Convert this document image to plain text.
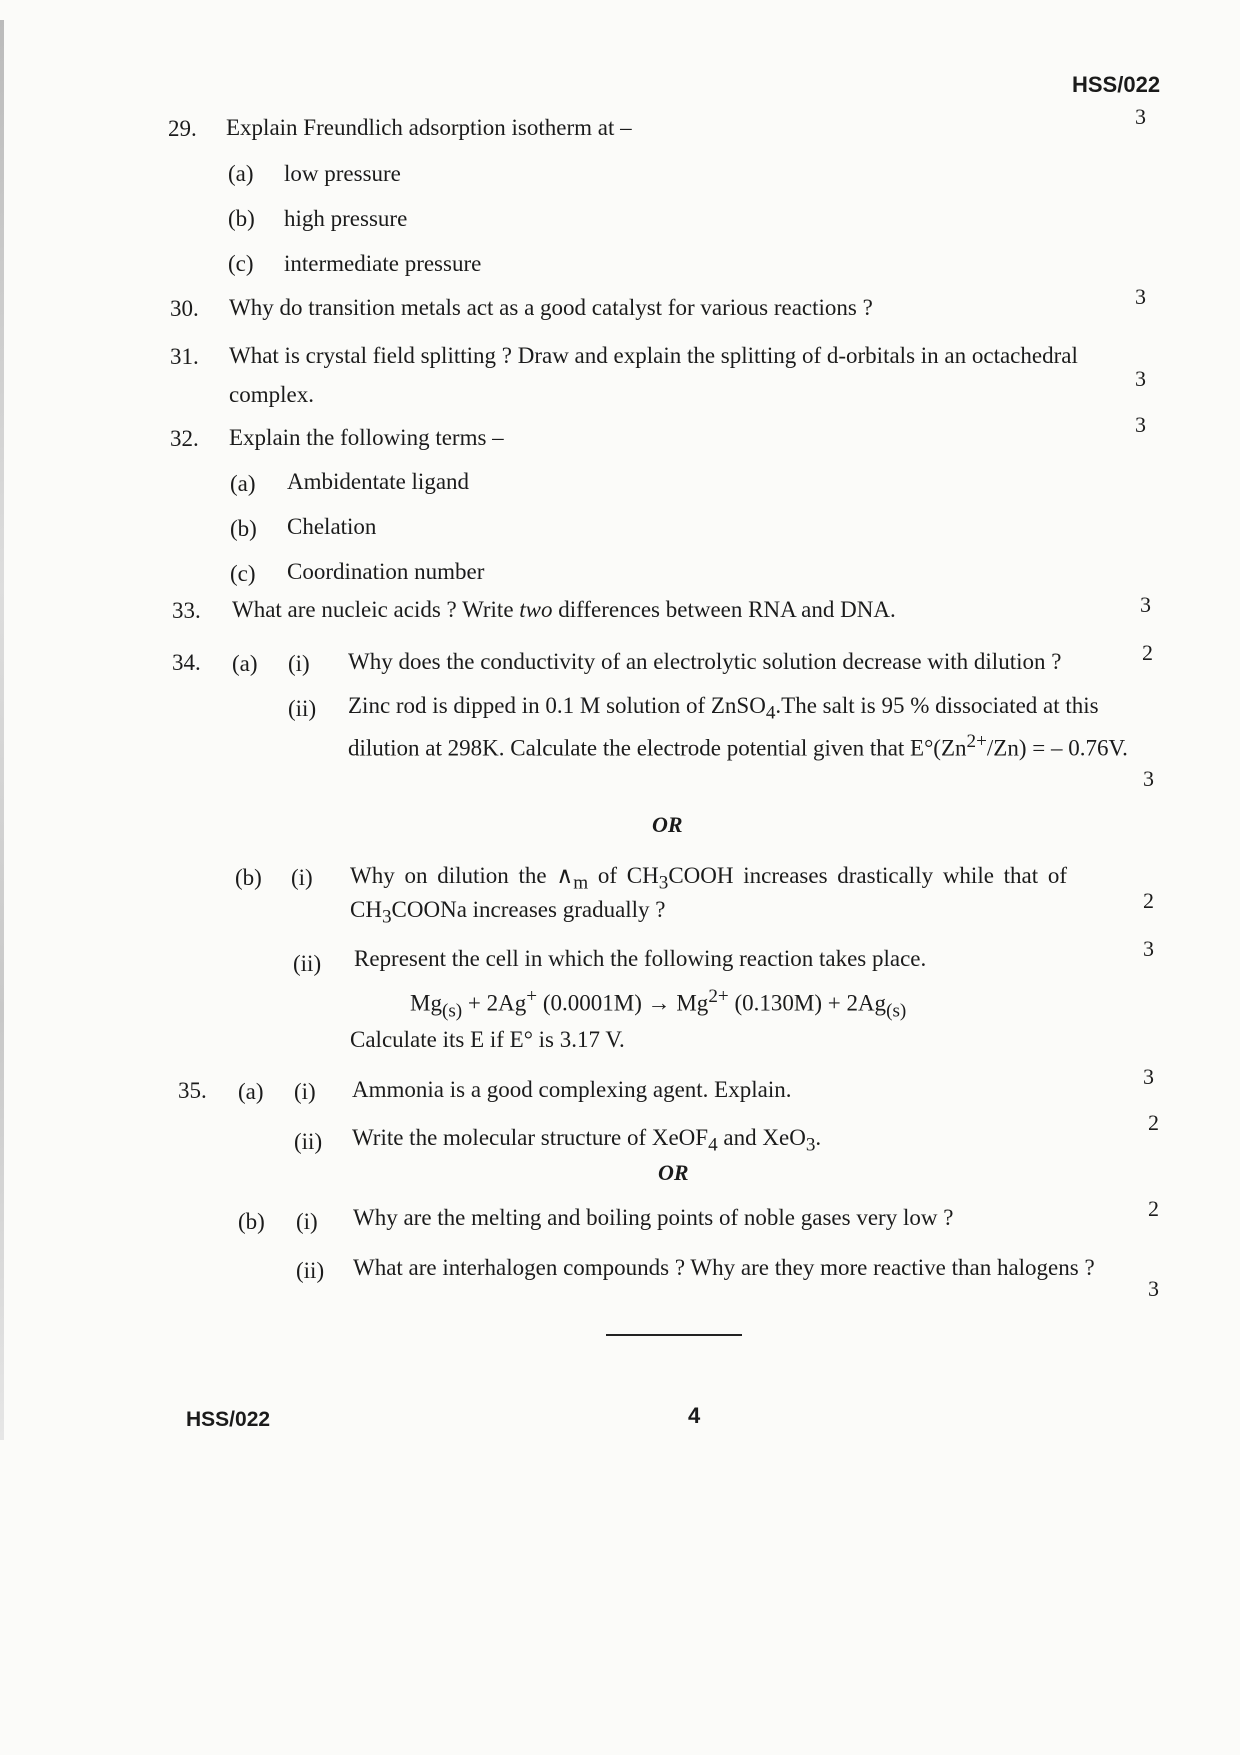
HSS/022
29. Explain Freundlich adsorption isotherm at –	3
(a) low pressure
(b) high pressure
(c) intermediate pressure
30. Why do transition metals act as a good catalyst for various reactions ?	3
31. What is crystal field splitting ? Draw and explain the splitting of d-orbitals in an octachedral
complex.
3
32. Explain the following terms –
3
(a) Ambidentate ligand
(b) Chelation
(c) Coordination number
33. What are nucleic acids ? Write two differences between RNA and DNA.	3
34. (a) (i) Why does the conductivity of an electrolytic solution decrease with dilution ?	2
(ii) Zinc rod is dipped in 0.1 M solution of ZnSO$_4$.The salt is 95 % dissociated at this
dilution at 298K. Calculate the electrode potential given that $E^\circ(Zn^{2+}/Zn)$ = – 0.76V.
3
OR
(b) (i) Why on dilution the $\wedge_m$ of $CH_3COOH$ increases drastically while that of
$CH_3COONa$ increases gradually ?	2
(ii) Represent the cell in which the following reaction takes place.	3
$Mg_{(s)} + 2Ag^+$ $(0.0001M) \to Mg^{2+}$ $(0.130M) + 2Ag_{(s)}$
Calculate its E if E° is 3.17 V.
35. (a) (i) Ammonia is a good complexing agent. Explain.
3
(ii) Write the molecular structure of XeOF$_4$ and XeO$_3$.
2
OR
(b) (i) Why are the melting and boiling points of noble gases very low ?	2
(ii) What are interhalogen compounds ? Why are they more reactive than halogens ?
3
HSS/022	4
